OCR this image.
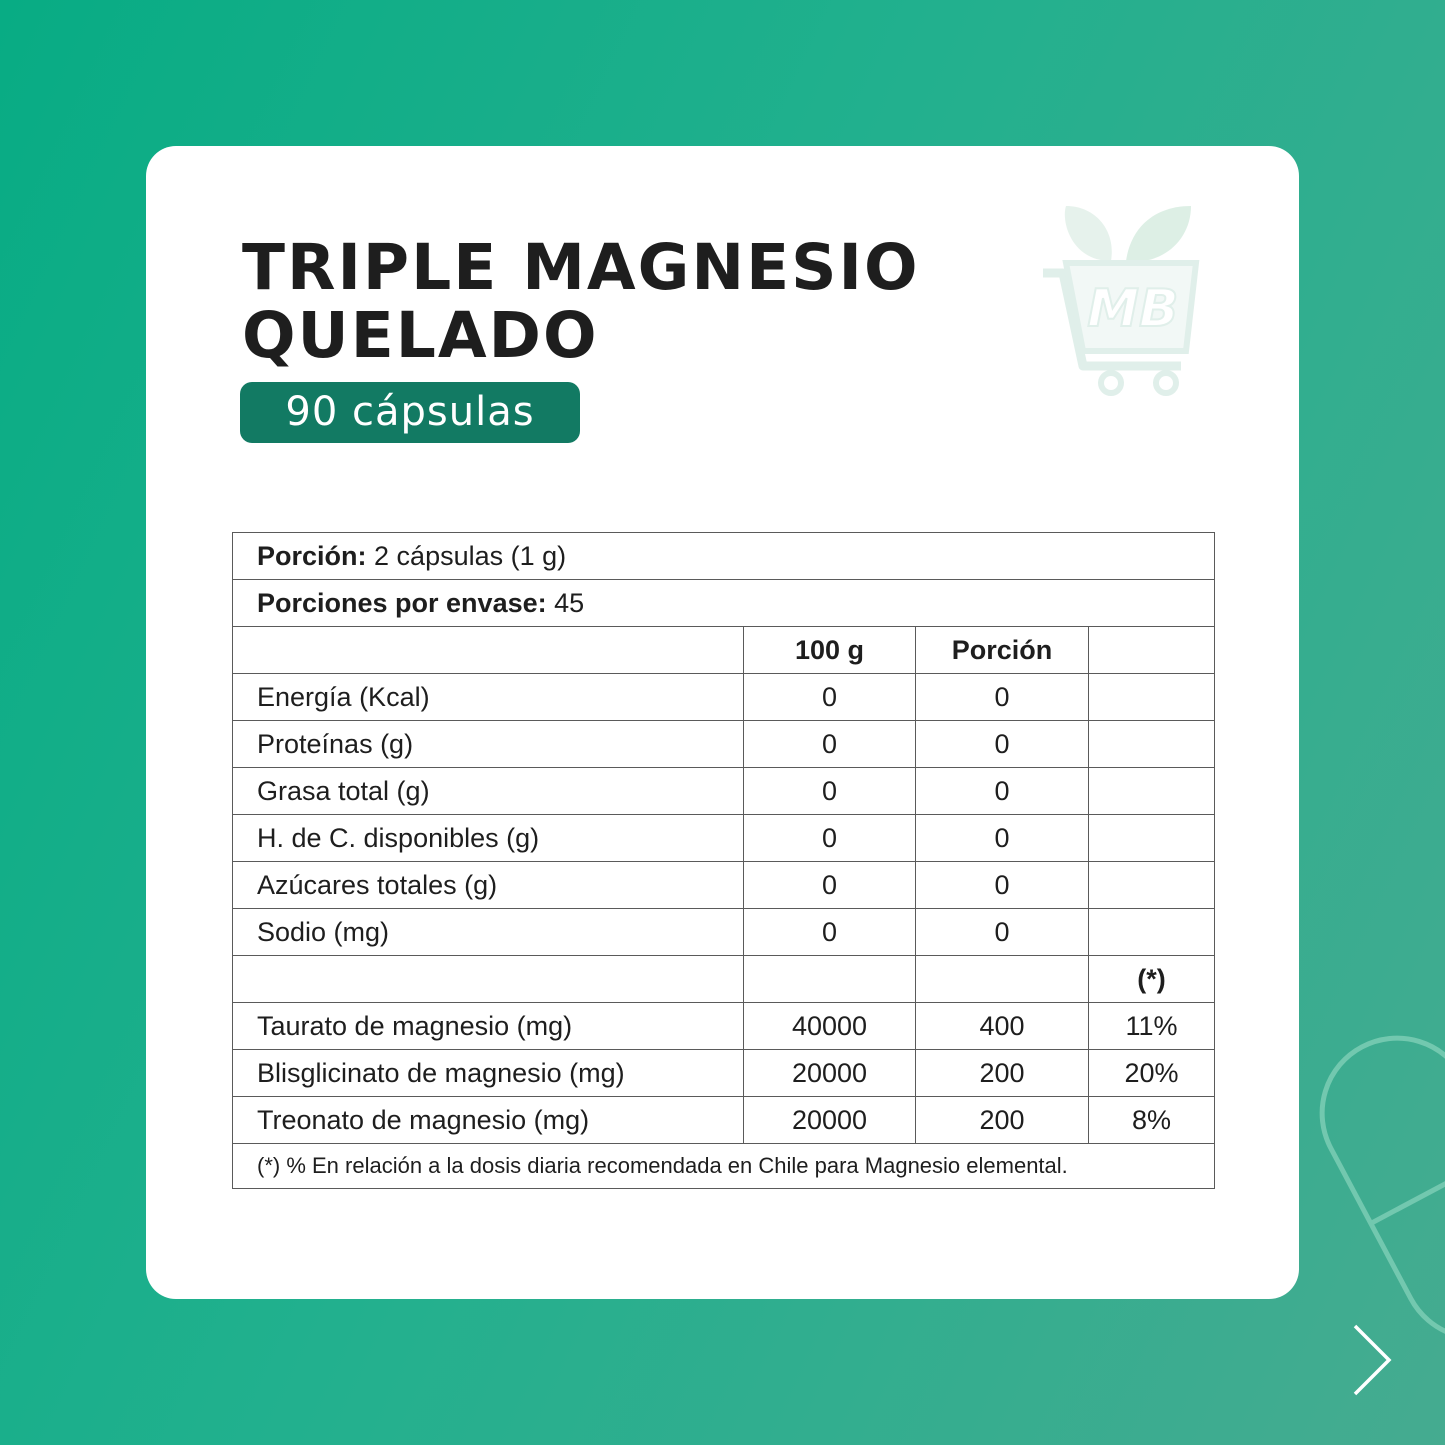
TRIPLE MAGNESIO
QUELADO
90 cápsulas
MB
Porción: 2 cápsulas (1 g)			
Porciones por envase: 45			
	100 g	Porción	
Energía (Kcal)	0	0	
Proteínas (g)	0	0	
Grasa total (g)	0	0	
H. de C. disponibles (g)	0	0	
Azúcares totales (g)	0	0	
Sodio (mg)	0	0	
			(*)
Taurato de magnesio (mg)	40000	400	11%
Blisglicinato de magnesio (mg)	20000	200	20%
Treonato de magnesio (mg)	20000	200	8%
(*) % En relación a la dosis diaria recomendada en Chile para Magnesio elemental.			
